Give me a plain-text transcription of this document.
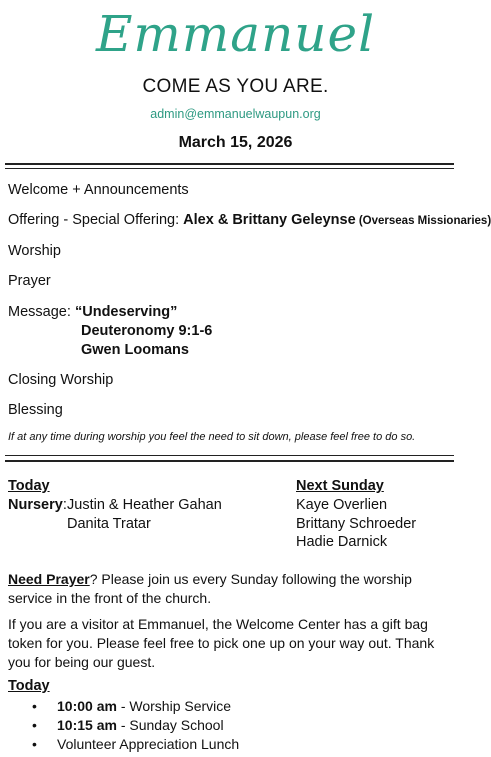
Emmanuel
COME AS YOU ARE.
admin@emmanuelwaupun.org
March 15, 2026
Welcome + Announcements
Offering - Special Offering: Alex & Brittany Geleynse (Overseas Missionaries)
Worship
Prayer
Message: “Undeserving”
Deuteronomy 9:1-6
Gwen Loomans
Closing Worship
Blessing
If at any time during worship you feel the need to sit down, please feel free to do so.
Today
Nursery: Justin & Heather Gahan
Danita Tratar
Next Sunday
Kaye Overlien
Brittany Schroeder
Hadie Darnick
Need Prayer? Please join us every Sunday following the worship service in the front of the church.
If you are a visitor at Emmanuel, the Welcome Center has a gift bag token for you. Please feel free to pick one up on your way out. Thank you for being our guest.
Today
• 10:00 am - Worship Service
• 10:15 am - Sunday School
• Volunteer Appreciation Lunch
